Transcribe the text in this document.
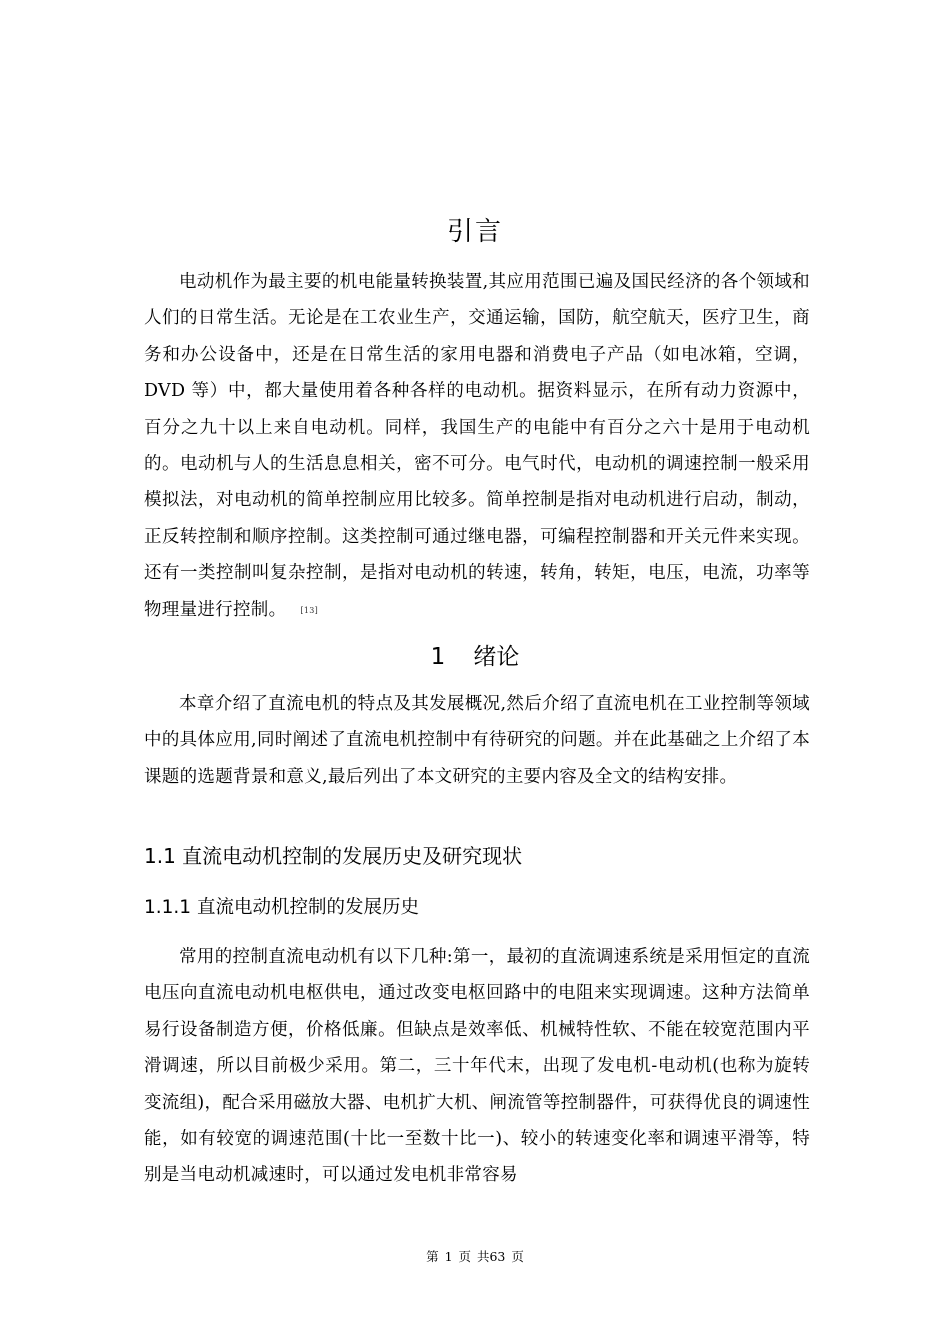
引言

电动机作为最主要的机电能量转换装置,其应用范围已遍及国民经济的各个领域和人们的日常生活。无论是在工农业生产，交通运输，国防，航空航天，医疗卫生，商务和办公设备中，还是在日常生活的家用电器和消费电子产品（如电冰箱，空调，DVD 等）中，都大量使用着各种各样的电动机。据资料显示，在所有动力资源中，百分之九十以上来自电动机。同样，我国生产的电能中有百分之六十是用于电动机的。电动机与人的生活息息相关，密不可分。电气时代，电动机的调速控制一般采用模拟法，对电动机的简单控制应用比较多。简单控制是指对电动机进行启动，制动，正反转控制和顺序控制。这类控制可通过继电器，可编程控制器和开关元件来实现。还有一类控制叫复杂控制，是指对电动机的转速，转角，转矩，电压，电流，功率等物理量进行控制。 [13]

1 绪论

本章介绍了直流电机的特点及其发展概况,然后介绍了直流电机在工业控制等领域中的具体应用,同时阐述了直流电机控制中有待研究的问题。并在此基础之上介绍了本课题的选题背景和意义,最后列出了本文研究的主要内容及全文的结构安排。

1.1 直流电动机控制的发展历史及研究现状
1.1.1 直流电动机控制的发展历史

常用的控制直流电动机有以下几种:第一，最初的直流调速系统是采用恒定的直流电压向直流电动机电枢供电，通过改变电枢回路中的电阻来实现调速。这种方法简单易行设备制造方便，价格低廉。但缺点是效率低、机械特性软、不能在较宽范围内平滑调速，所以目前极少采用。第二，三十年代末，出现了发电机-电动机(也称为旋转变流组)，配合采用磁放大器、电机扩大机、闸流管等控制器件，可获得优良的调速性能，如有较宽的调速范围(十比一至数十比一)、较小的转速变化率和调速平滑等，特别是当电动机减速时，可以通过发电机非常容易

第 1 页 共63 页
